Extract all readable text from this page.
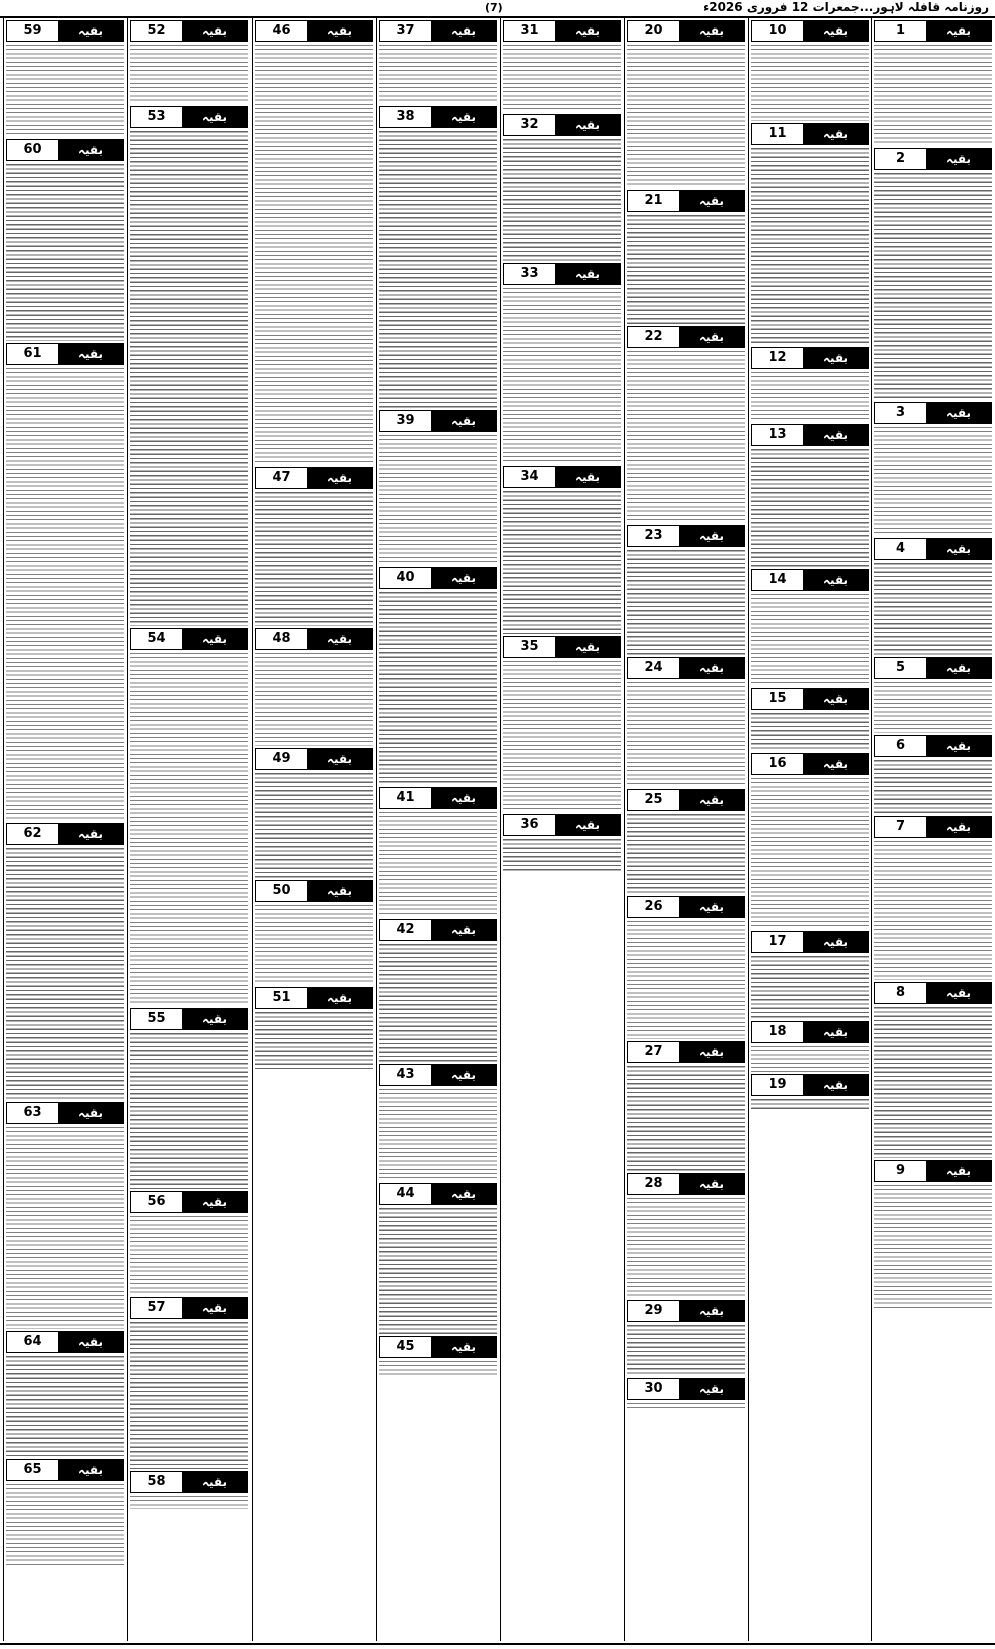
(7)	روزنامہ قافلہ لاہور...جمعرات 12 فروری 2026ء
1	بقیہ
2	بقیہ
3	بقیہ
4	بقیہ
5	بقیہ
6	بقیہ
7	بقیہ
8	بقیہ
9	بقیہ
10	بقیہ
11	بقیہ
12	بقیہ
13	بقیہ
14	بقیہ
15	بقیہ
16	بقیہ
17	بقیہ
18	بقیہ
19	بقیہ
20	بقیہ
21	بقیہ
22	بقیہ
23	بقیہ
24	بقیہ
25	بقیہ
26	بقیہ
27	بقیہ
28	بقیہ
29	بقیہ
30	بقیہ
31	بقیہ
32	بقیہ
33	بقیہ
34	بقیہ
35	بقیہ
36	بقیہ
37	بقیہ
38	بقیہ
39	بقیہ
40	بقیہ
41	بقیہ
42	بقیہ
43	بقیہ
44	بقیہ
45	بقیہ
46	بقیہ
47	بقیہ
48	بقیہ
49	بقیہ
50	بقیہ
51	بقیہ
52	بقیہ
53	بقیہ
54	بقیہ
55	بقیہ
56	بقیہ
57	بقیہ
58	بقیہ
59	بقیہ
60	بقیہ
61	بقیہ
62	بقیہ
63	بقیہ
64	بقیہ
65	بقیہ
